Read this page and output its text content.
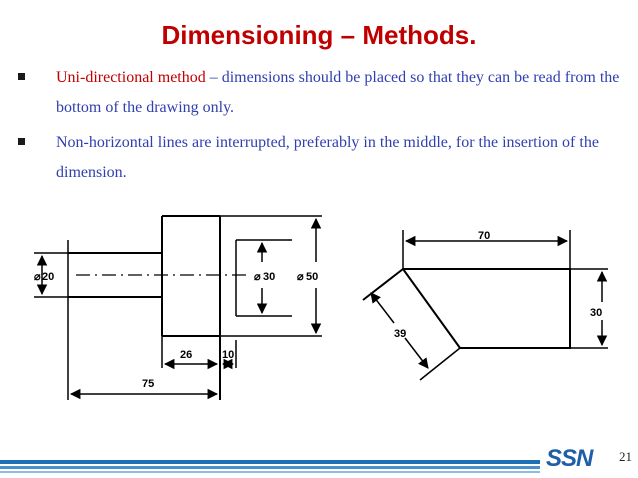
Dimensioning – Methods.
Uni-directional method – dimensions should be placed so that they can be read from the bottom of the drawing only.
Non-horizontal lines are interrupted, preferably in the middle, for the insertion of the dimension.
⌀ 20	⌀ 30 ⌀ 50
26	10
75
70
30
39
SSN 21
